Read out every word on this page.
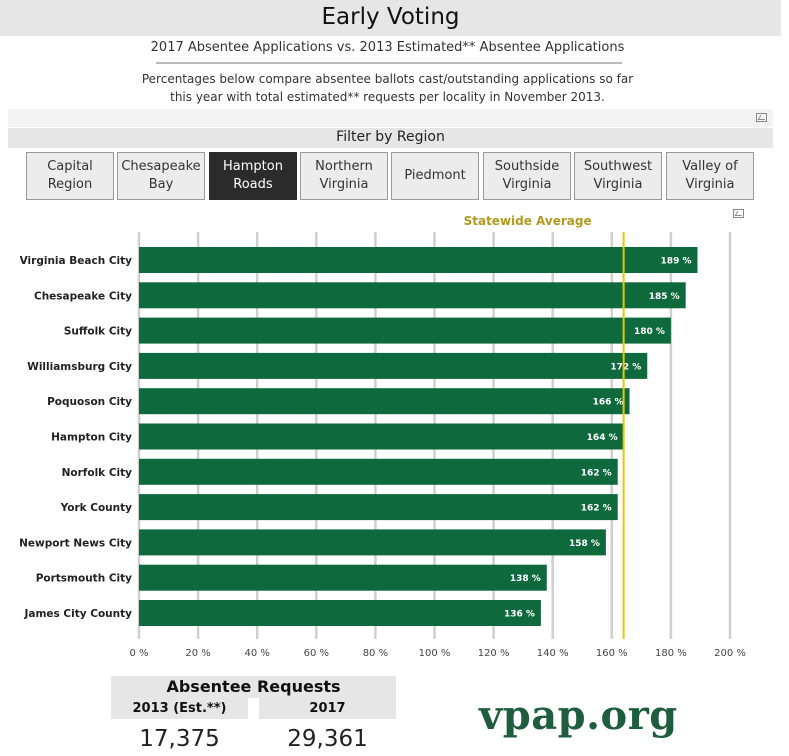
Early Voting
2017 Absentee Applications vs. 2013 Estimated** Absentee Applications
Percentages below compare absentee ballots cast/outstanding applications so far
this year with total estimated** requests per locality in November 2013.
Filter by Region
Capital
Region
Chesapeake
Bay
Hampton
Roads
Northern
Virginia
Piedmont
Southside
Virginia
Southwest
Virginia
Valley of
Virginia
0 %	20 %	40 %	60 %	80 %	100 %	120 %	140 %	160 %	180 %	200 %
Virginia Beach City	189 %
Chesapeake City	185 %
Suffolk City	180 %
Williamsburg City	172 %
Poquoson City	166 %
Hampton City	164 %
Norfolk City	162 %
York County	162 %
Newport News City	158 %
Portsmouth City	138 %
James City County	136 %
Statewide Average
Absentee Requests
2013 (Est.**)	2017
17,375	29,361	vpap.org
